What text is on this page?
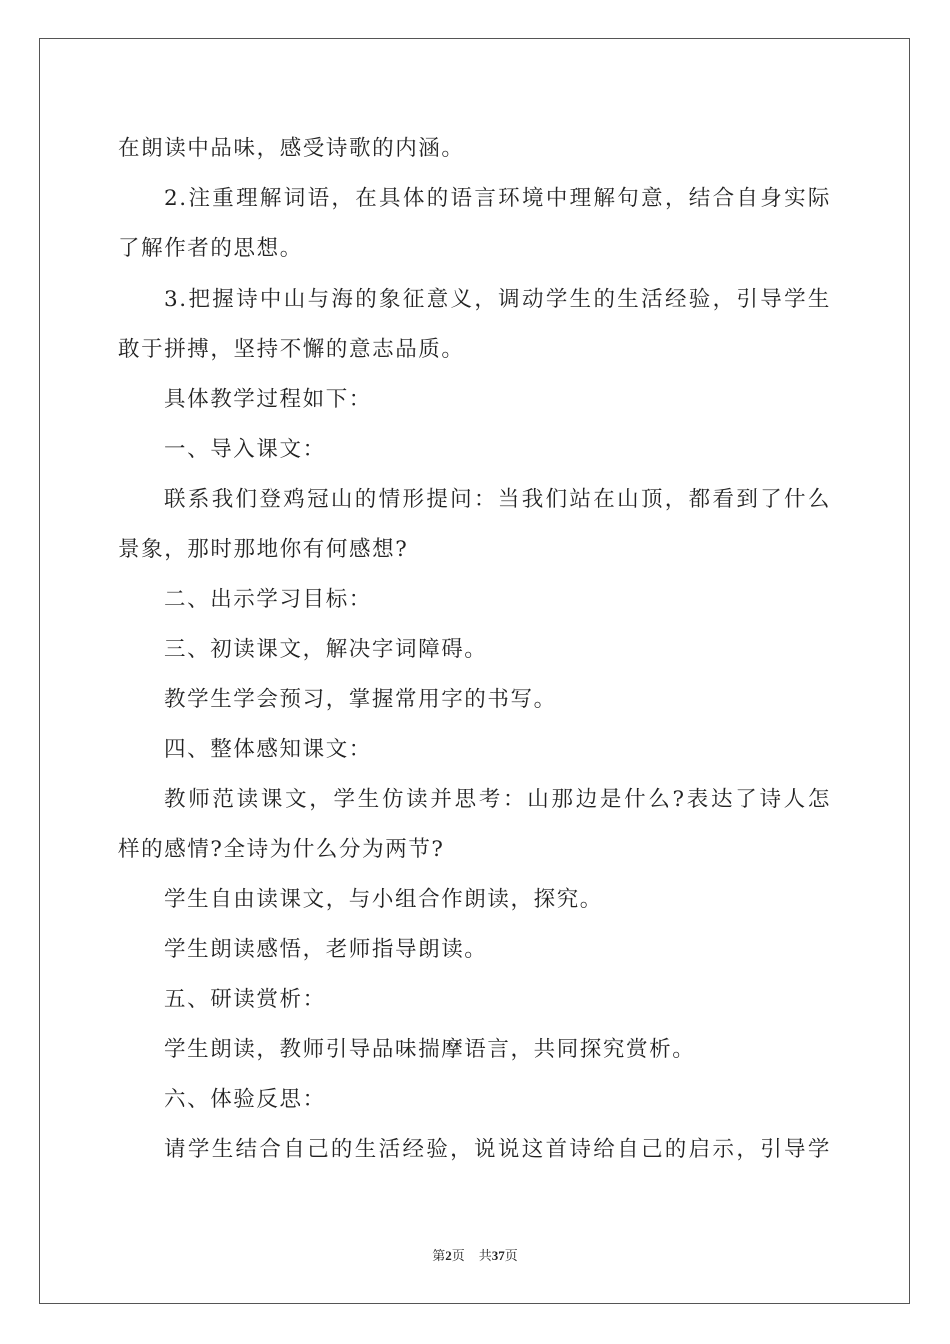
在朗读中品味，感受诗歌的内涵。
2.注重理解词语，在具体的语言环境中理解句意，结合自身实际
了解作者的思想。
3.把握诗中山与海的象征意义，调动学生的生活经验，引导学生
敢于拼搏，坚持不懈的意志品质。
具体教学过程如下：
一、导入课文：
联系我们登鸡冠山的情形提问：当我们站在山顶，都看到了什么
景象，那时那地你有何感想?
二、出示学习目标：
三、初读课文，解决字词障碍。
教学生学会预习，掌握常用字的书写。
四、整体感知课文：
教师范读课文，学生仿读并思考：山那边是什么?表达了诗人怎
样的感情?全诗为什么分为两节?
学生自由读课文，与小组合作朗读，探究。
学生朗读感悟，老师指导朗读。
五、研读赏析：
学生朗读，教师引导品味揣摩语言，共同探究赏析。
六、体验反思：
请学生结合自己的生活经验，说说这首诗给自己的启示，引导学
第2页 共37页
